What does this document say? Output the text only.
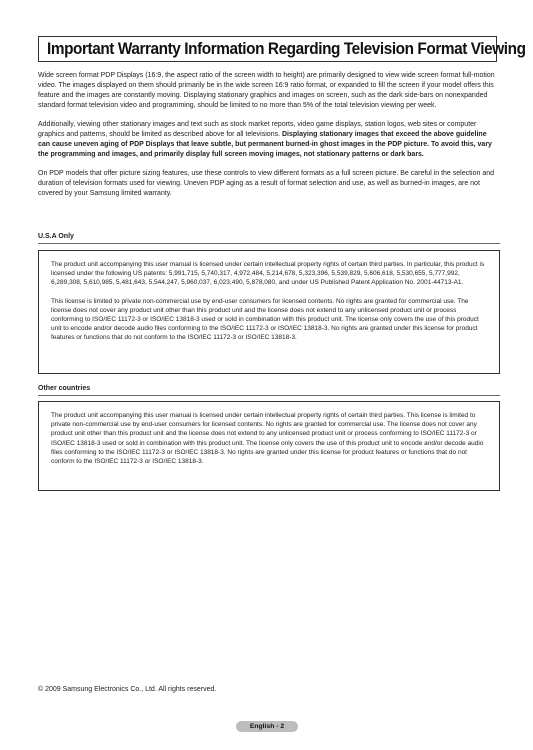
Important Warranty Information Regarding Television Format Viewing

Wide screen format PDP Displays (16:9, the aspect ratio of the screen width to height) are primarily designed to view wide screen format full-motion video. The images displayed on them should primarily be in the wide screen 16:9 ratio format, or expanded to fill the screen if your model offers this feature and the images are constantly moving. Displaying stationary graphics and images on screen, such as the dark side-bars on nonexpanded standard format television video and programming, should be limited to no more than 5% of the total television viewing per week.

Additionally, viewing other stationary images and text such as stock market reports, video game displays, station logos, web sites or computer graphics and patterns, should be limited as described above for all televisions. Displaying stationary images that exceed the above guideline can cause uneven aging of PDP Displays that leave subtle, but permanent burned-in ghost images in the PDP picture. To avoid this, vary the programming and images, and primarily display full screen moving images, not stationary patterns or dark bars.

On PDP models that offer picture sizing features, use these controls to view different formats as a full screen picture. Be careful in the selection and duration of television formats used for viewing. Uneven PDP aging as a result of format selection and use, as well as burned-in images, are not covered by your Samsung limited warranty.

U.S.A Only

The product unit accompanying this user manual is licensed under certain intellectual property rights of certain third parties. In particular, this product is licensed under the following US patents: 5,991,715, 5,740,317, 4,972,484, 5,214,678, 5,323,396, 5,539,829, 5,606,618, 5,530,655, 5,777,992, 6,289,308, 5,610,985, 5,481,643, 5,544,247, 5,960,037, 6,023,490, 5,878,080, and under US Published Patent Application No. 2001-44713-A1.

This license is limited to private non-commercial use by end-user consumers for licensed contents. No rights are granted for commercial use. The license does not cover any product unit other than this product unit and the license does not extend to any unlicensed product unit or process conforming to ISO/IEC 11172-3 or ISO/IEC 13818-3 used or sold in combination with this product unit. The license only covers the use of this product unit to encode and/or decode audio files conforming to the ISO/IEC 11172-3 or ISO/IEC 13818-3. No rights are granted under this license for product features or functions that do not conform to the ISO/IEC 11172-3 or ISO/IEC 13818-3.

Other countries

The product unit accompanying this user manual is licensed under certain intellectual property rights of certain third parties. This license is limited to private non-commercial use by end-user consumers for licensed contents. No rights are granted for commercial use. The license does not cover any product unit other than this product unit and the license does not extend to any unlicensed product unit or process conforming to ISO/IEC 11172-3 or ISO/IEC 13818-3 used or sold in combination with this product unit. The license only covers the use of this product unit to encode and/or decode audio files conforming to the ISO/IEC 11172-3 or ISO/IEC 13818-3. No rights are granted under this license for product features or functions that do not conform to the ISO/IEC 11172-3 or ISO/IEC 13818-3.

© 2009 Samsung Electronics Co., Ltd. All rights reserved.
English - 2
